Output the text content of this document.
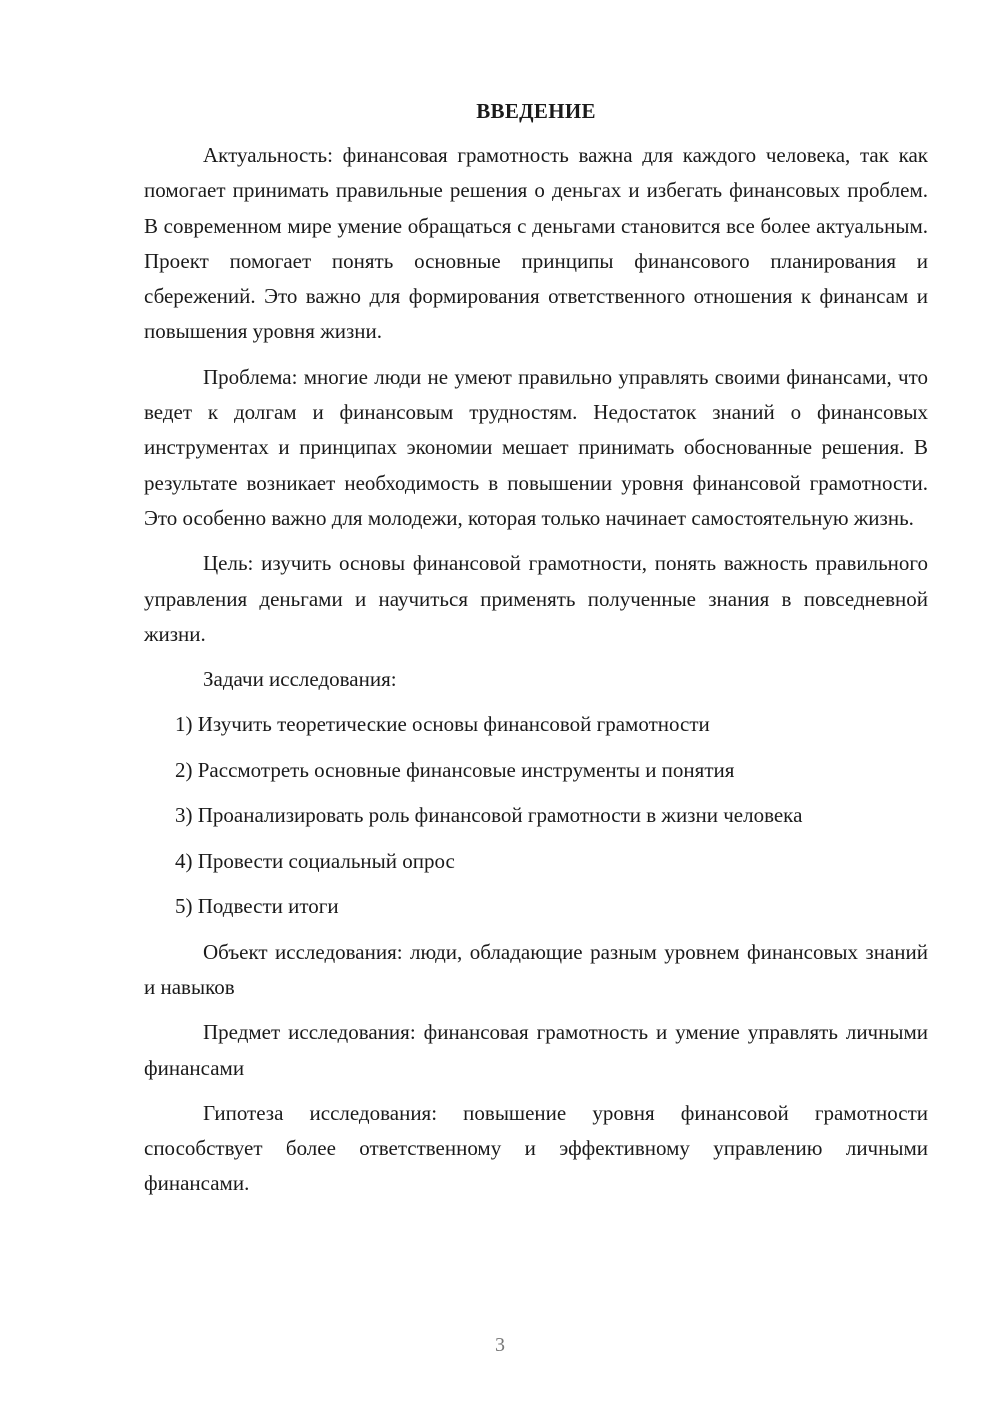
ВВЕДЕНИЕ

Актуальность: финансовая грамотность важна для каждого человека, так как помогает принимать правильные решения о деньгах и избегать финансовых проблем. В современном мире умение обращаться с деньгами становится все более актуальным. Проект помогает понять основные принципы финансового планирования и сбережений. Это важно для формирования ответственного отношения к финансам и повышения уровня жизни.

Проблема: многие люди не умеют правильно управлять своими финансами, что ведет к долгам и финансовым трудностям. Недостаток знаний о финансовых инструментах и принципах экономии мешает принимать обоснованные решения. В результате возникает необходимость в повышении уровня финансовой грамотности. Это особенно важно для молодежи, которая только начинает самостоятельную жизнь.

Цель: изучить основы финансовой грамотности, понять важность правильного управления деньгами и научиться применять полученные знания в повседневной жизни.

Задачи исследования:

1) Изучить теоретические основы финансовой грамотности
2) Рассмотреть основные финансовые инструменты и понятия
3) Проанализировать роль финансовой грамотности в жизни человека
4) Провести социальный опрос
5) Подвести итоги

Объект исследования: люди, обладающие разным уровнем финансовых знаний и навыков

Предмет исследования: финансовая грамотность и умение управлять личными финансами

Гипотеза исследования: повышение уровня финансовой грамотности способствует более ответственному и эффективному управлению личными финансами.

3
